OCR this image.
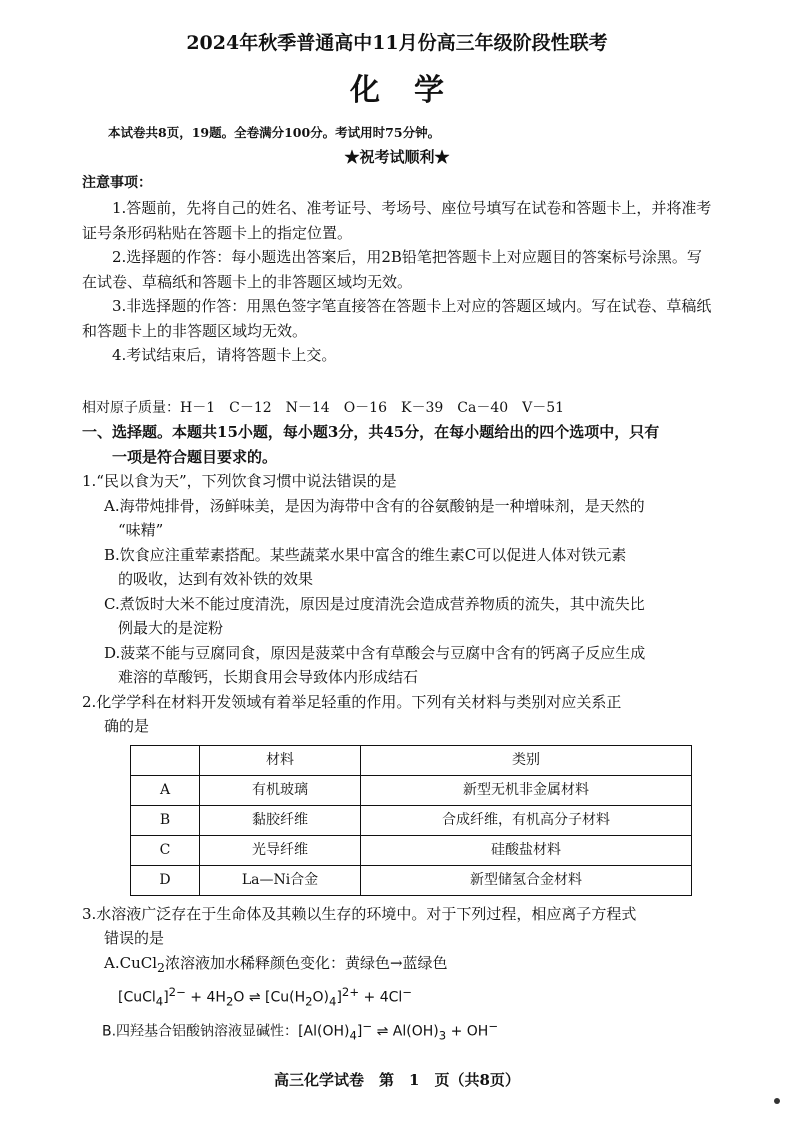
2024年秋季普通高中11月份高三年级阶段性联考

化学

本试卷共8页，19题。全卷满分100分。考试用时75分钟。

★祝考试顺利★

注意事项：

1.答题前，先将自己的姓名、准考证号、考场号、座位号填写在试卷和答题卡上，并将准考证号条形码粘贴在答题卡上的指定位置。

2.选择题的作答：每小题选出答案后，用2B铅笔把答题卡上对应题目的答案标号涂黑。写在试卷、草稿纸和答题卡上的非答题区域均无效。

3.非选择题的作答：用黑色签字笔直接答在答题卡上对应的答题区域内。写在试卷、草稿纸和答题卡上的非答题区域均无效。

4.考试结束后，请将答题卡上交。

相对原子质量：H－1　C－12　N－14　O－16　K－39　Ca－40　V－51

一、选择题。本题共15小题，每小题3分，共45分，在每小题给出的四个选项中，只有
一项是符合题目要求的。

1.“民以食为天”，下列饮食习惯中说法错误的是

A.海带炖排骨，汤鲜味美，是因为海带中含有的谷氨酸钠是一种增味剂，是天然的

“味精”

B.饮食应注重荤素搭配。某些蔬菜水果中富含的维生素C可以促进人体对铁元素

的吸收，达到有效补铁的效果

C.煮饭时大米不能过度清洗，原因是过度清洗会造成营养物质的流失，其中流失比

例最大的是淀粉

D.菠菜不能与豆腐同食，原因是菠菜中含有草酸会与豆腐中含有的钙离子反应生成

难溶的草酸钙，长期食用会导致体内形成结石

2.化学学科在材料开发领域有着举足轻重的作用。下列有关材料与类别对应关系正

确的是

	材料	类别
A	有机玻璃	新型无机非金属材料
B	黏胶纤维	合成纤维，有机高分子材料
C	光导纤维	硅酸盐材料
D	La—Ni合金	新型储氢合金材料

3.水溶液广泛存在于生命体及其赖以生存的环境中。对于下列过程，相应离子方程式

错误的是

A.CuCl$_2$浓溶液加水稀释颜色变化：黄绿色→蓝绿色

[CuCl$_4$]$^{2-}$ + $4H_2O$ ⇌ $[Cu(H_2O)_4]^{2+} + 4Cl^-$

B.四羟基合铝酸钠溶液显碱性：$[Al(OH)_4]^-$ ⇌ $Al(OH)_3 + OH^-$

高三化学试卷　第　1　页（共8页）
